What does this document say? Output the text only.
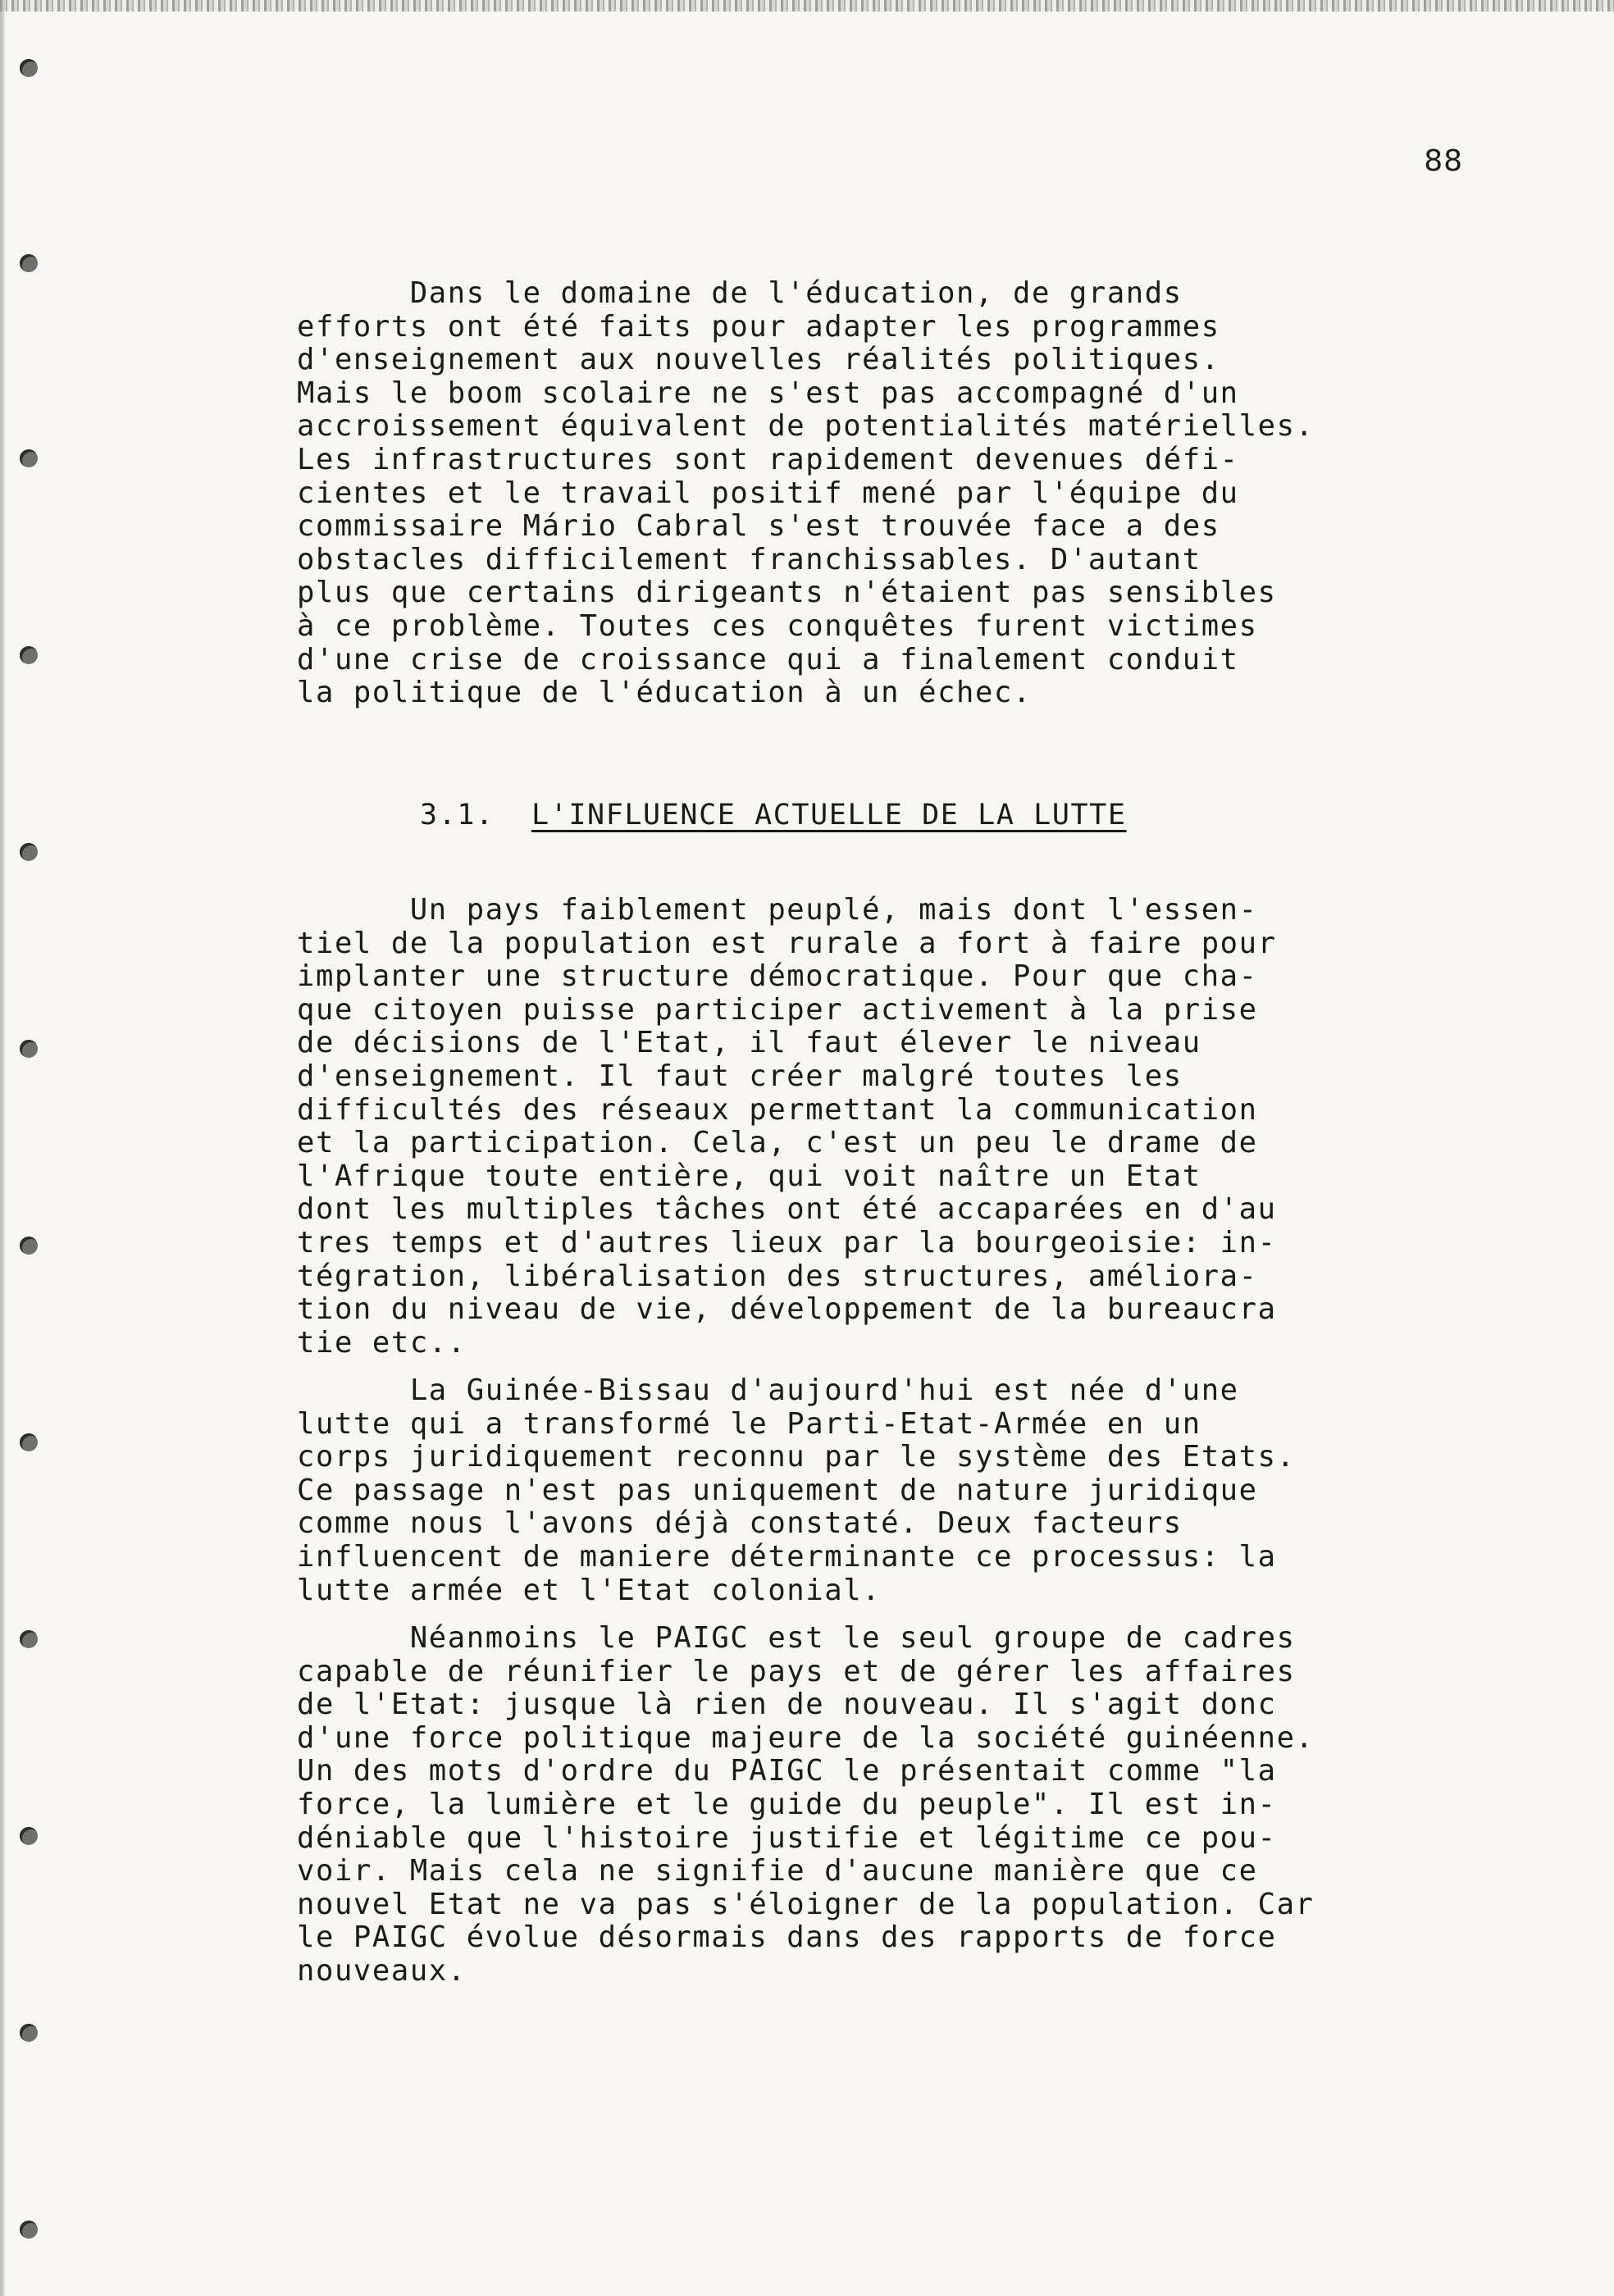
88
Dans le domaine de l'éducation, de grands
efforts ont été faits pour adapter les programmes
d'enseignement aux nouvelles réalités politiques.
Mais le boom scolaire ne s'est pas accompagné d'un
accroissement équivalent de potentialités matérielles.
Les infrastructures sont rapidement devenues défi-
cientes et le travail positif mené par l'équipe du
commissaire Mário Cabral s'est trouvée face a des
obstacles difficilement franchissables. D'autant
plus que certains dirigeants n'étaient pas sensibles
à ce problème. Toutes ces conquêtes furent victimes
d'une crise de croissance qui a finalement conduit
la politique de l'éducation à un échec.
3.1. L'INFLUENCE ACTUELLE DE LA LUTTE
Un pays faiblement peuplé, mais dont l'essen-
tiel de la population est rurale a fort à faire pour
implanter une structure démocratique. Pour que cha-
que citoyen puisse participer activement à la prise
de décisions de l'Etat, il faut élever le niveau
d'enseignement. Il faut créer malgré toutes les
difficultés des réseaux permettant la communication
et la participation. Cela, c'est un peu le drame de
l'Afrique toute entière, qui voit naître un Etat
dont les multiples tâches ont été accaparées en d'au
tres temps et d'autres lieux par la bourgeoisie: in-
tégration, libéralisation des structures, améliora-
tion du niveau de vie, développement de la bureaucra
tie etc..
La Guinée-Bissau d'aujourd'hui est née d'une
lutte qui a transformé le Parti-Etat-Armée en un
corps juridiquement reconnu par le système des Etats.
Ce passage n'est pas uniquement de nature juridique
comme nous l'avons déjà constaté. Deux facteurs
influencent de maniere déterminante ce processus: la
lutte armée et l'Etat colonial.
Néanmoins le PAIGC est le seul groupe de cadres
capable de réunifier le pays et de gérer les affaires
de l'Etat: jusque là rien de nouveau. Il s'agit donc
d'une force politique majeure de la société guinéenne.
Un des mots d'ordre du PAIGC le présentait comme "la
force, la lumière et le guide du peuple". Il est in-
déniable que l'histoire justifie et légitime ce pou-
voir. Mais cela ne signifie d'aucune manière que ce
nouvel Etat ne va pas s'éloigner de la population. Car
le PAIGC évolue désormais dans des rapports de force
nouveaux.
